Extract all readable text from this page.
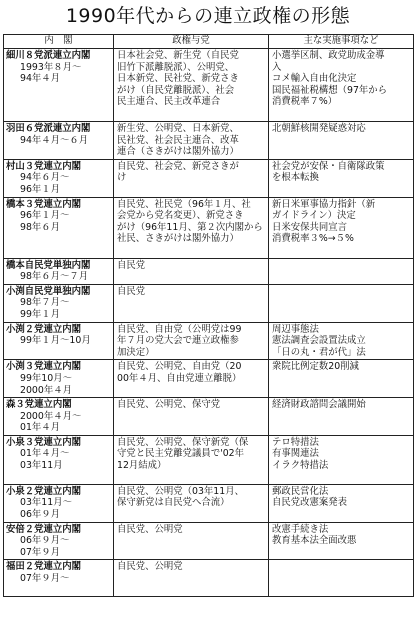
1990年代からの連立政権の形態
内　閣	政権与党	主な実施事項など
細川８党派連立内閣
1993年８月〜
94年４月	日本社会党、新生党（自民党
旧竹下派離脱派）、公明党、
日本新党、民社党、新党さき
がけ（自民党離脱派）、社会
民主連合、民主改革連合	小選挙区制、政党助成金導
入
コメ輸入自由化決定
国民福祉税構想（97年から
消費税率７%）

羽田６党派連立内閣
94年４月〜６月	新生党、公明党、日本新党、
民社党、社会民主連合、改革
連合（さきがけは閣外協力）	北朝鮮核開発疑惑対応

村山３党連立内閣
94年６月〜
96年１月	自民党、社会党、新党さきが
け	社会党が安保・自衛隊政策
を根本転換

橋本３党連立内閣
96年１月〜
98年６月	自民党、社民党（96年１月、社
会党から党名変更）、新党さき
がけ（96年11月、第２次内閣から
社民、さきがけは閣外協力）	新日米軍事協力指針（新
ガイドライン）決定
日米安保共同宣言
消費税率３%→５%

橋本自民党単独内閣
98年６月〜７月	自民党	

小渕自民党単独内閣
98年７月〜
99年１月	自民党	

小渕２党連立内閣
99年１月〜10月	自民党、自由党（公明党は99
年７月の党大会で連立政権参
加決定）	周辺事態法
憲法調査会設置法成立
「日の丸・君が代」法

小渕３党連立内閣
99年10月〜
2000年４月	自民党、公明党、自由党（20
00年４月、自由党連立離脱）	衆院比例定数20削減

森３党連立内閣
2000年４月〜
01年４月	自民党、公明党、保守党	経済財政諮問会議開始

小泉３党連立内閣
01年４月〜
03年11月	自民党、公明党、保守新党（保
守党と民主党離党議員で'02年
12月結成）	テロ特措法
有事関連法
イラク特措法

小泉２党連立内閣
03年11月〜
06年９月	自民党、公明党（03年11月、
保守新党は自民党へ合流）	郵政民営化法
自民党改憲案発表

安倍２党連立内閣
06年９月〜
07年９月	自民党、公明党	改憲手続き法
教育基本法全面改悪

福田２党連立内閣
07年９月〜	自民党、公明党	
